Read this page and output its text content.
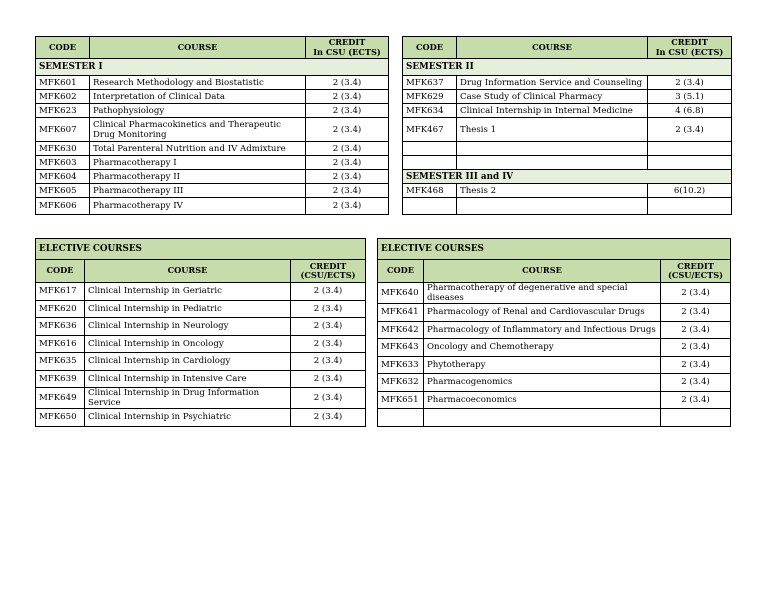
CODE	COURSE	CREDIT
In CSU (ECTS)		CODE	COURSE	CREDIT
In CSU (ECTS)
SEMESTER I				SEMESTER II		
MFK601	Research Methodology and Biostatistic	2 (3.4)		MFK637	Drug Information Service and Counseling	2 (3.4)
MFK602	Interpretation of Clinical Data	2 (3.4)		MFK629	Case Study of Clinical Pharmacy	3 (5.1)
MFK623	Pathophysiology	2 (3.4)		MFK634	Clinical Internship in Internal Medicine	4 (6.8)
MFK607	Clinical Pharmacokinetics and Therapeutic Drug Monitoring	2 (3.4)		MFK467	Thesis 1	2 (3.4)
MFK630	Total Parenteral Nutrition and IV Admixture	2 (3.4)				
MFK603	Pharmacotherapy I	2 (3.4)				
MFK604	Pharmacotherapy II	2 (3.4)		SEMESTER III and IV		
MFK605	Pharmacotherapy III	2 (3.4)		MFK468	Thesis 2	6(10.2)
MFK606	Pharmacotherapy IV	2 (3.4)				
ELECTIVE COURSES		
CODE	COURSE	CREDIT
(CSU/ECTS)
MFK617	Clinical Internship in Geriatric	2 (3.4)
MFK620	Clinical Internship in Pediatric	2 (3.4)
MFK636	Clinical Internship in Neurology	2 (3.4)
MFK616	Clinical Internship in Oncology	2 (3.4)
MFK635	Clinical Internship in Cardiology	2 (3.4)
MFK639	Clinical Internship in Intensive Care	2 (3.4)
MFK649	Clinical Internship in Drug Information Service	2 (3.4)
MFK650	Clinical Internship in Psychiatric	2 (3.4)
ELECTIVE COURSES		
CODE	COURSE	CREDIT
(CSU/ECTS)
MFK640	Pharmacotherapy of degenerative and special diseases	2 (3.4)
MFK641	Pharmacology of Renal and Cardiovascular Drugs	2 (3.4)
MFK642	Pharmacology of Inflammatory and Infectious Drugs	2 (3.4)
MFK643	Oncology and Chemotherapy	2 (3.4)
MFK633	Phytotherapy	2 (3.4)
MFK632	Pharmacogenomics	2 (3.4)
MFK651	Pharmacoeconomics	2 (3.4)
